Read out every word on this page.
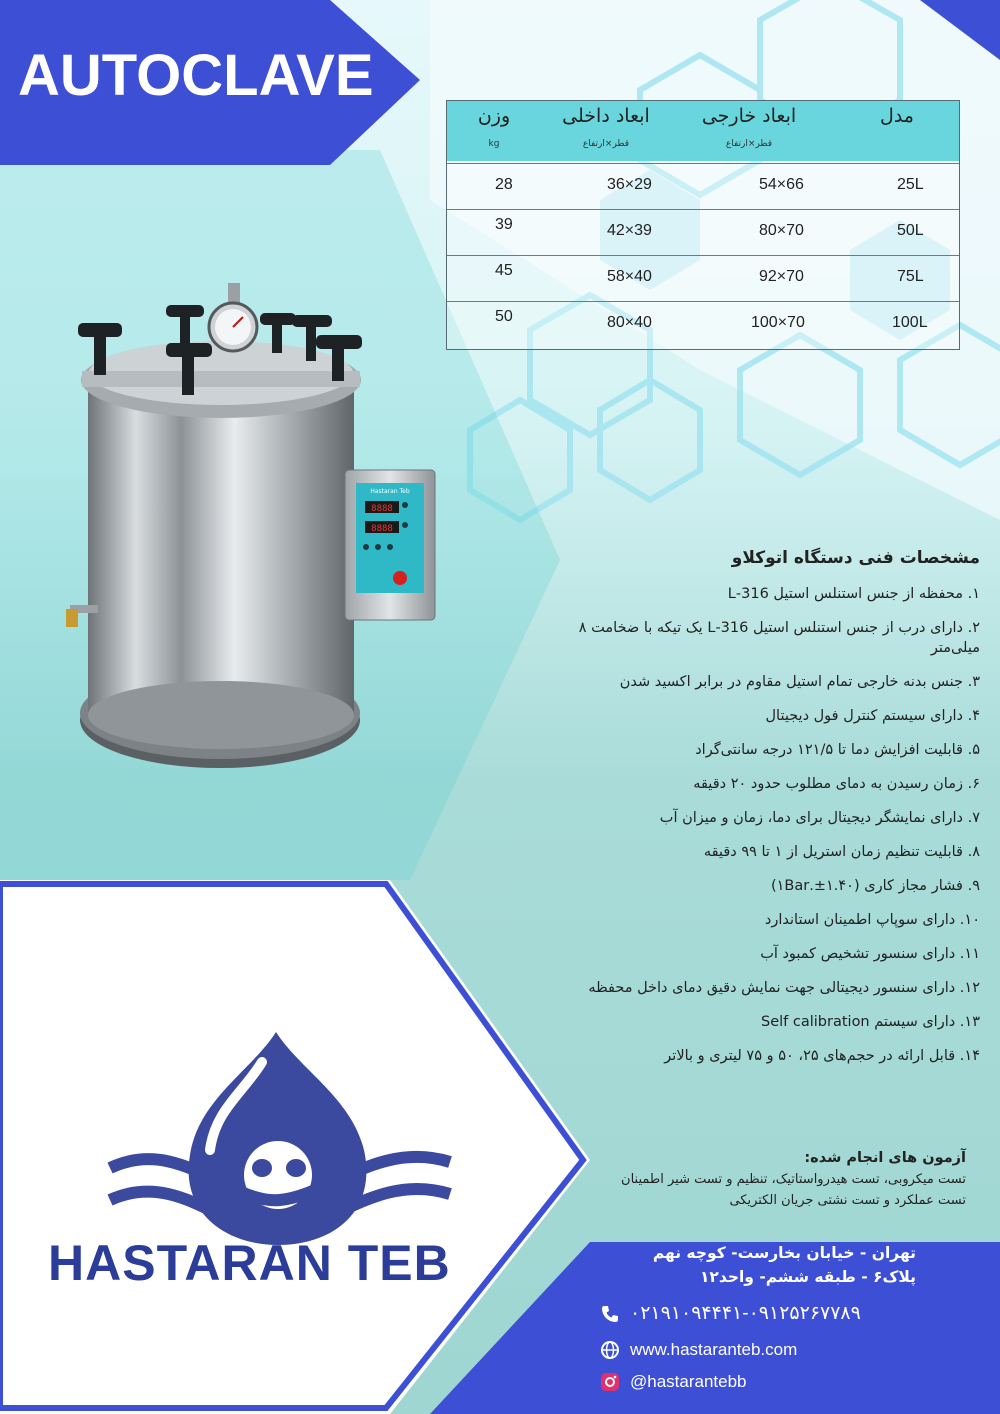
AUTOCLAVE
مدل
ابعاد خارجی
قطر×ارتفاع
ابعاد داخلی
قطر×ارتفاع
وزن
kg
25L
54×66
36×29
28
50L
80×70
42×39
39
75L
92×70
58×40
45
100L
100×70
80×40
50
8888
8888
Hastaran Teb
مشخصات فنی دستگاه اتوکلاو
۱. محفظه از جنس استنلس استیل 316-L
۲. دارای درب از جنس استنلس استیل 316-L یک تیکه با ضخامت ۸ میلی‌متر
۳. جنس بدنه خارجی تمام استیل مقاوم در برابر اکسید شدن
۴. دارای سیستم کنترل فول دیجیتال
۵. قابلیت افزایش دما تا ۱۲۱/۵ درجه سانتی‌گراد
۶. زمان رسیدن به دمای مطلوب حدود ۲۰ دقیقه
۷. دارای نمایشگر دیجیتال برای دما، زمان و میزان آب
۸. قابلیت تنظیم زمان استریل از ۱ تا ۹۹ دقیقه
۹. فشار مجاز کاری (۱.۴۰±.۱Bar)
۱۰. دارای سوپاپ اطمینان استاندارد
۱۱. دارای سنسور تشخیص کمبود آب
۱۲. دارای سنسور دیجیتالی جهت نمایش دقیق دمای داخل محفظه
۱۳. دارای سیستم Self calibration
۱۴. قابل ارائه در حجم‌های ۲۵، ۵۰ و ۷۵ لیتری و بالاتر
آزمون های انجام شده:
تست میکروبی، تست هیدرواستاتیک، تنظیم و تست شیر اطمینان
تست عملکرد و تست نشتی جریان الکتریکی
HASTARAN TEB	تهران - خیابان بخارست- کوچه نهم
پلاک۶ - طبقه ششم- واحد۱۲
۰۲۱۹۱۰۹۴۴۴۱-۰۹۱۲۵۲۶۷۷۸۹
www.hastaranteb.com
@hastarantebb
